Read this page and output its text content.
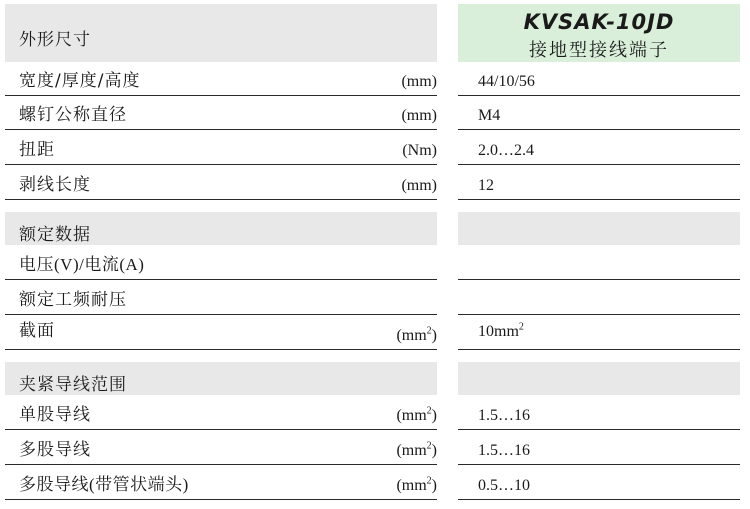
外形尺寸
KVSAK-10JD
接地型接线端子
宽度/厚度/高度	(mm)	44/10/56
螺钉公称直径	(mm)	M4
扭距	(Nm)	2.0…2.4
剥线长度	(mm)	12
额定数据
电压(V)/电流(A)
额定工频耐压
截面	$(mm^2)$	$10mm^2$
夹紧导线范围
单股导线	$(mm^2)$	1.5…16
多股导线	$(mm^2)$	1.5…16
多股导线(带管状端头)	$(mm^2)$	0.5…10
